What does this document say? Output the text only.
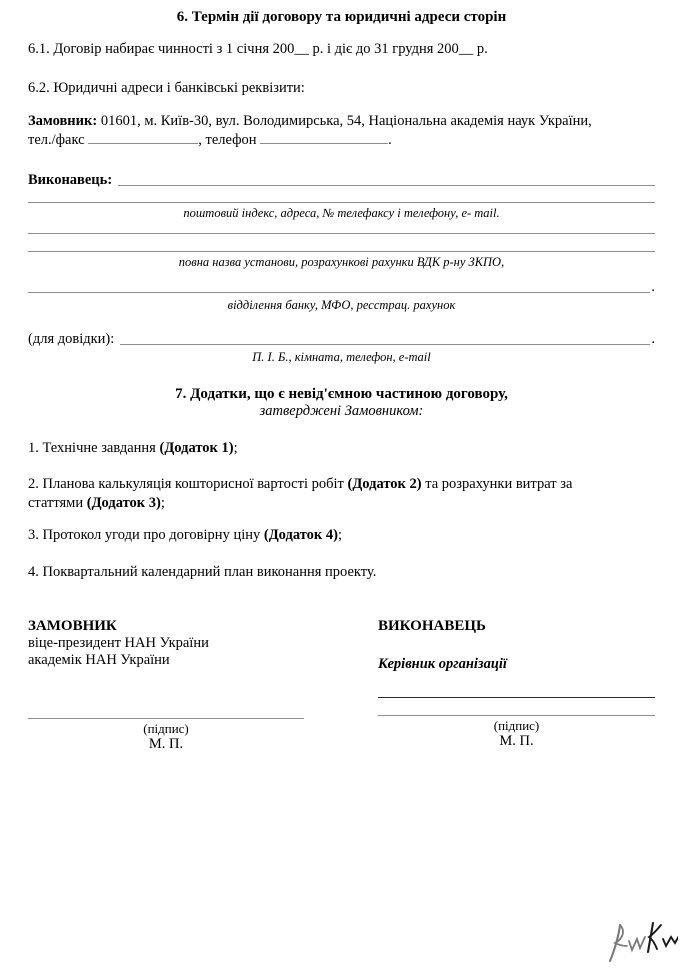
6. Термін дії договору та юридичні адреси сторін
6.1. Договір набирає чинності з 1 січня 200__ р. і діє до 31 грудня 200__ р.
6.2. Юридичні адреси і банківські реквізити:
Замовник: 01601, м. Київ-30, вул. Володимирська, 54, Національна академія наук України,
тел./факс	, телефон	.
Виконавець:
поштовий індекс, адреса, № телефаксу і телефону, е- mail.
повна назва установи, розрахункові рахунки ВДК р-ну ЗКПО,
.
відділення банку, МФО, ресстрац. рахунок
(для довідки):	.
П. І. Б., кімната, телефон, e-mail
7. Додатки, що є невід'ємною частиною договору,
затверджені Замовником:
1. Технічне завдання (Додаток 1);
2. Планова калькуляція кошторисної вартості робіт (Додаток 2) та розрахунки витрат за
статтями (Додаток 3);
3. Протокол угоди про договірну ціну (Додаток 4);
4. Поквартальний календарний план виконання проекту.
ЗАМОВНИК
віце-президент НАН України
академік НАН України
(підпис)
М. П.
ВИКОНАВЕЦЬ
Керівник організації
(підпис)
М. П.
